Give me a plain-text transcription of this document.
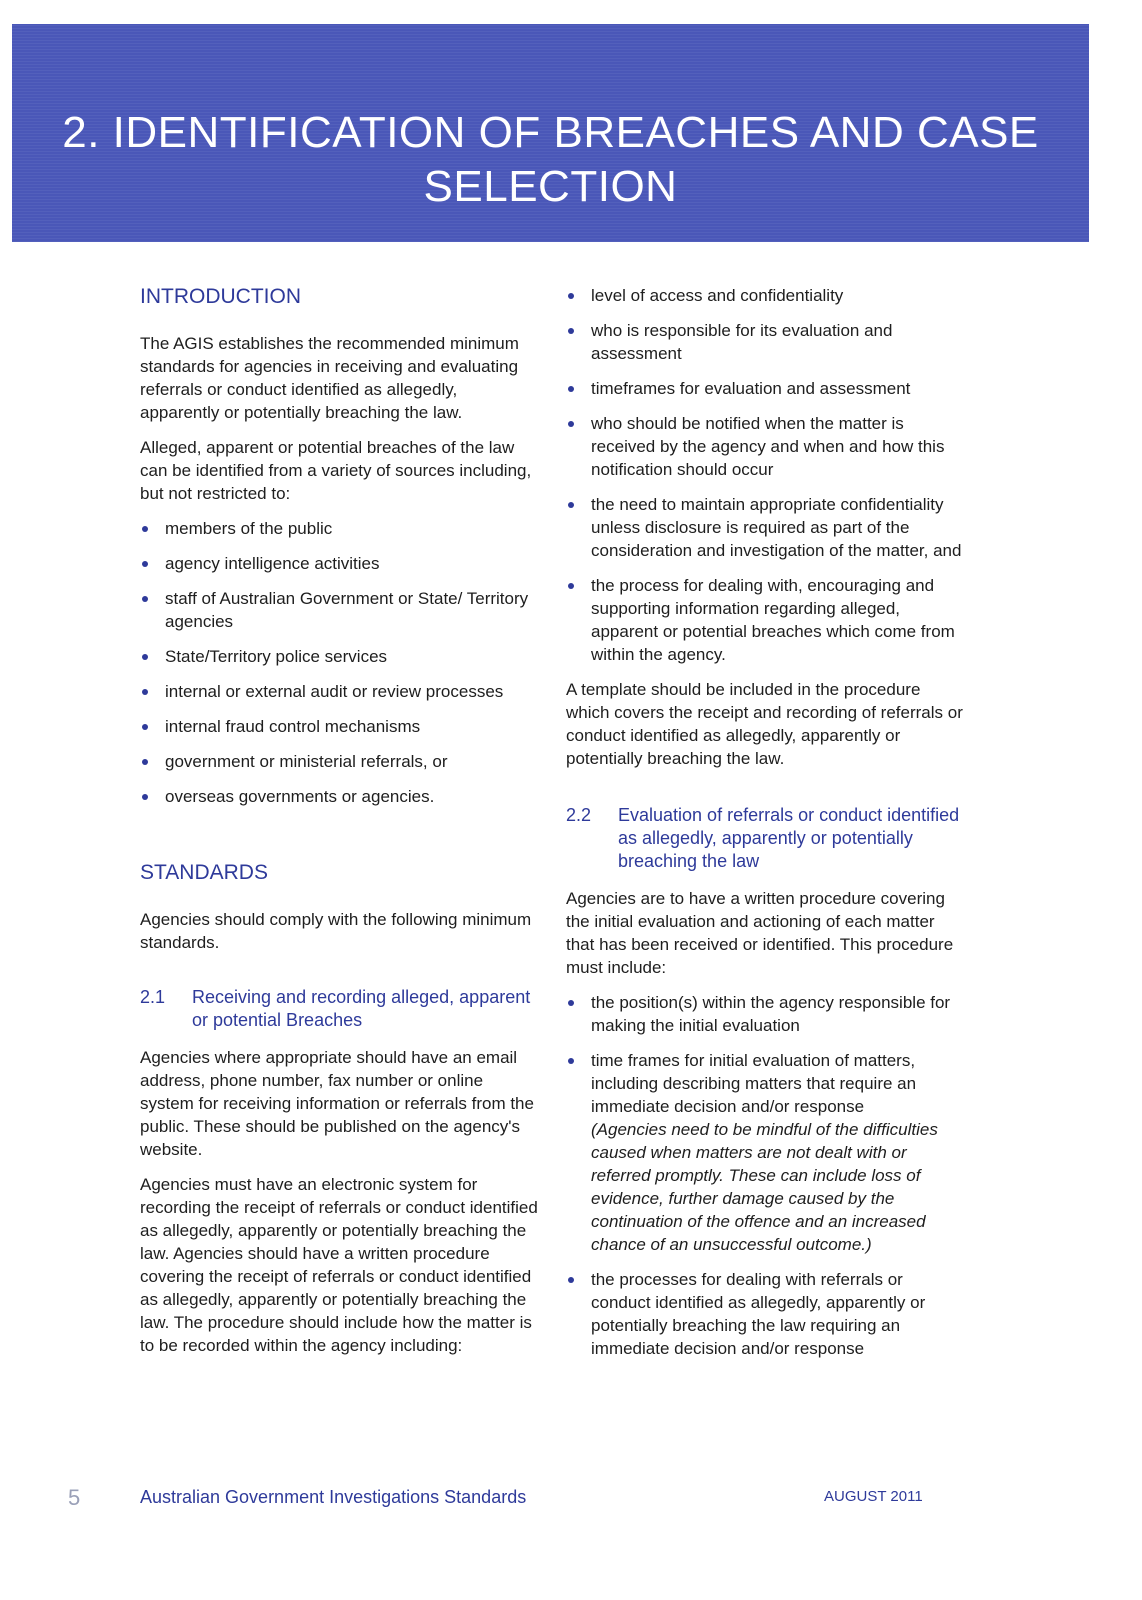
2. IDENTIFICATION OF BREACHES AND CASE SELECTION
INTRODUCTION

The AGIS establishes the recommended minimum standards for agencies in receiving and evaluating referrals or conduct identified as allegedly, apparently or potentially breaching the law.

Alleged, apparent or potential breaches of the law can be identified from a variety of sources including, but not restricted to:

members of the public
agency intelligence activities
staff of Australian Government or State/ Territory agencies
State/Territory police services
internal or external audit or review processes
internal fraud control mechanisms
government or ministerial referrals, or
overseas governments or agencies.
STANDARDS

Agencies should comply with the following minimum standards.

2.1	Receiving and recording alleged, apparent or potential Breaches

Agencies where appropriate should have an email address, phone number, fax number or online system for receiving information or referrals from the public. These should be published on the agency's website.

Agencies must have an electronic system for recording the receipt of referrals or conduct identified as allegedly, apparently or potentially breaching the law. Agencies should have a written procedure covering the receipt of referrals or conduct identified as allegedly, apparently or potentially breaching the law. The procedure should include how the matter is to be recorded within the agency including:

level of access and confidentiality
who is responsible for its evaluation and assessment
timeframes for evaluation and assessment
who should be notified when the matter is received by the agency and when and how this notification should occur
the need to maintain appropriate confidentiality unless disclosure is required as part of the consideration and investigation of the matter, and
the process for dealing with, encouraging and supporting information regarding alleged, apparent or potential breaches which come from within the agency.

A template should be included in the procedure which covers the receipt and recording of referrals or conduct identified as allegedly, apparently or potentially breaching the law.

2.2	Evaluation of referrals or conduct identified as allegedly, apparently or potentially breaching the law

Agencies are to have a written procedure covering the initial evaluation and actioning of each matter that has been received or identified. This procedure must include:

the position(s) within the agency responsible for making the initial evaluation
time frames for initial evaluation of matters, including describing matters that require an immediate decision and/or response
(Agencies need to be mindful of the difficulties caused when matters are not dealt with or referred promptly. These can include loss of evidence, further damage caused by the continuation of the offence and an increased chance of an unsuccessful outcome.)
the processes for dealing with referrals or conduct identified as allegedly, apparently or potentially breaching the law requiring an immediate decision and/or response
5	Australian Government Investigations Standards	AUGUST 2011
